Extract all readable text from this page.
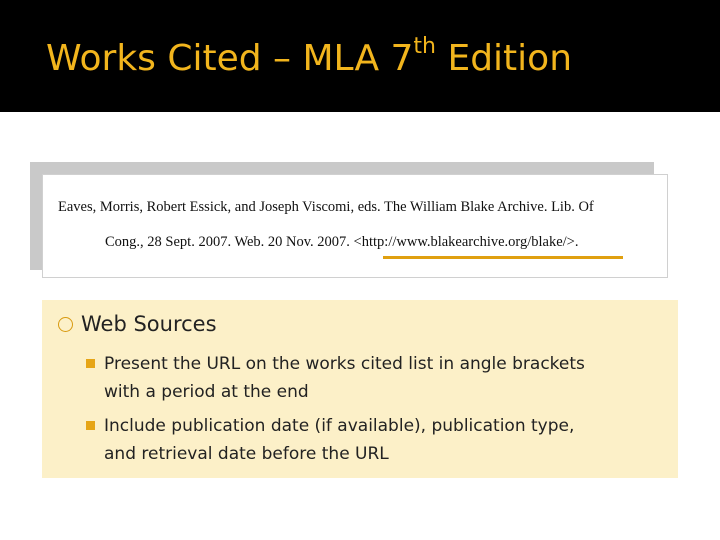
Works Cited – MLA 7th Edition
Eaves, Morris, Robert Essick, and Joseph Viscomi, eds. The William Blake Archive. Lib. Of
Cong., 28 Sept. 2007. Web. 20 Nov. 2007. <http://www.blakearchive.org/blake/>.
Web Sources
Present the URL on the works cited list in angle brackets
with a period at the end
Include publication date (if available), publication type,
and retrieval date before the URL
